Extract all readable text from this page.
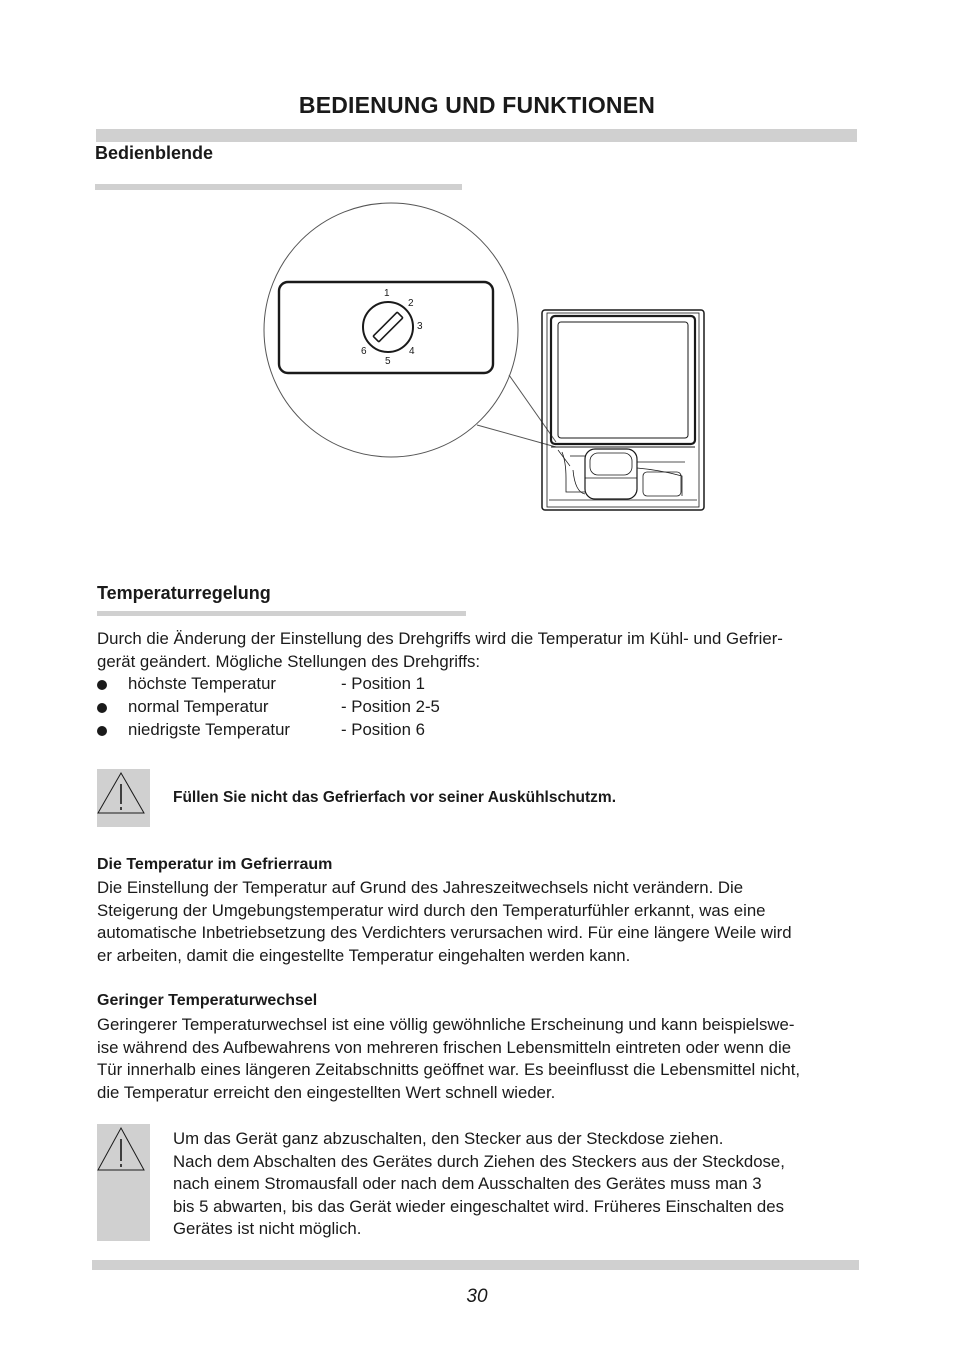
BEDIENUNG UND FUNKTIONEN
Bedienblende
1
2
3
4
5
6
Temperaturregelung
Durch die Änderung der Einstellung des Drehgriffs wird die Temperatur im Kühl- und Gefrier-
gerät geändert. Mögliche Stellungen des Drehgriffs:
höchste Temperatur	- Position 1
normal Temperatur	- Position 2-5
niedrigste Temperatur	- Position 6
Füllen Sie nicht das Gefrierfach vor seiner Auskühlschutzm.
Die Temperatur im Gefrierraum
Die Einstellung der Temperatur auf Grund des Jahreszeitwechsels nicht verändern. Die
Steigerung der Umgebungstemperatur wird durch den Temperaturfühler erkannt, was eine
automatische Inbetriebsetzung des Verdichters verursachen wird. Für eine längere Weile wird
er arbeiten, damit die eingestellte Temperatur eingehalten werden kann.
Geringer Temperaturwechsel
Geringerer Temperaturwechsel ist eine völlig gewöhnliche Erscheinung und kann beispielswe-
ise während des Aufbewahrens von mehreren frischen Lebensmitteln eintreten oder wenn die
Tür innerhalb eines längeren Zeitabschnitts geöffnet war. Es beeinflusst die Lebensmittel nicht,
die Temperatur erreicht den eingestellten Wert schnell wieder.
Um das Gerät ganz abzuschalten, den Stecker aus der Steckdose ziehen.
Nach dem Abschalten des Gerätes durch Ziehen des Steckers aus der Steckdose,
nach einem Stromausfall oder nach dem Ausschalten des Gerätes muss man 3
bis 5 abwarten, bis das Gerät wieder eingeschaltet wird. Früheres Einschalten des
Gerätes ist nicht möglich.
30
